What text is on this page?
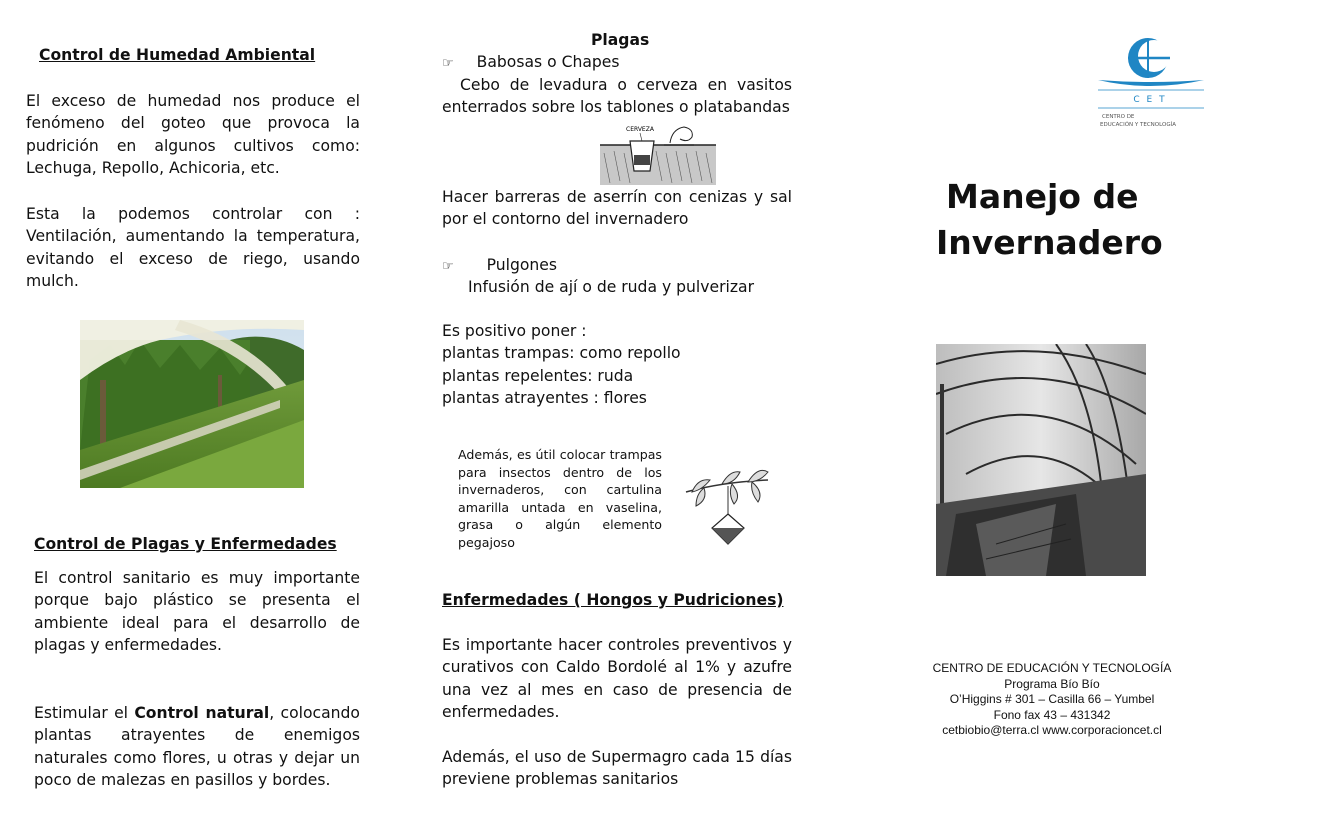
Control de Humedad Ambiental

El exceso de humedad nos produce el fenómeno del goteo que provoca la pudrición en algunos cultivos como: Lechuga, Repollo, Achicoria, etc.

Esta la podemos controlar con : Ventilación, aumentando la temperatura, evitando el exceso de riego, usando mulch.

Control de Plagas y Enfermedades

El control sanitario es muy importante porque bajo plástico se presenta el ambiente ideal para el desarrollo de plagas y enfermedades.

Estimular el Control natural, colocando plantas atrayentes de enemigos naturales como flores, u otras y dejar un poco de malezas en pasillos y bordes.

Plagas

☞ Babosas o Chapes

Cebo de levadura o cerveza en vasitos enterrados sobre los tablones o platabandas

CERVEZA

Hacer barreras de aserrín con cenizas y sal por el contorno del invernadero

☞ Pulgones

Infusión de ají o de ruda y pulverizar

Es positivo poner :

plantas trampas: como repollo

plantas repelentes: ruda

plantas atrayentes : flores

Además, es útil colocar trampas para insectos dentro de los invernaderos, con cartulina amarilla untada en vaselina, grasa o algún elemento pegajoso

Enfermedades ( Hongos y Pudriciones)

Es importante hacer controles preventivos y curativos con Caldo Bordolé al 1% y azufre una vez al mes en caso de presencia de enfermedades.

Además, el uso de Supermagro cada 15 días previene problemas sanitarios

C E T
CENTRO DE
EDUCACIÓN Y TECNOLOGÍA
Manejo de
Invernadero
CENTRO DE EDUCACIÓN Y TECNOLOGÍA
Programa Bío Bío
O’Higgins # 301 – Casilla 66 – Yumbel
Fono fax 43 – 431342
cetbiobio@terra.cl www.corporacioncet.cl
